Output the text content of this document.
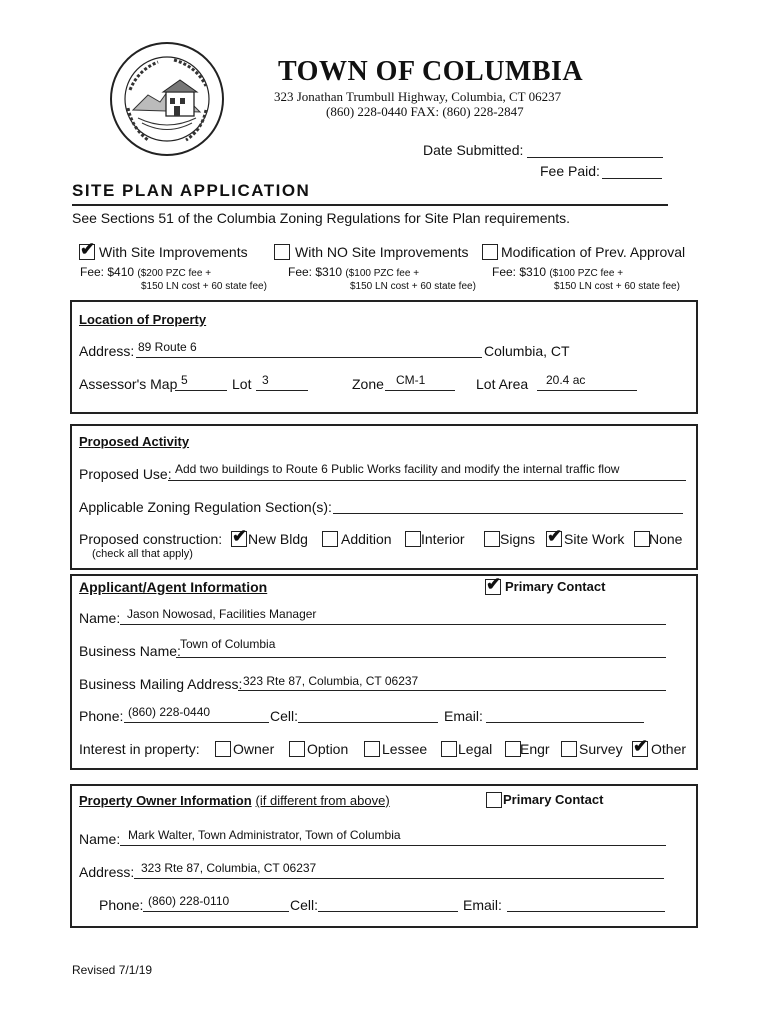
TOWN OF COLUMBIA
323 Jonathan Trumbull Highway, Columbia, CT 06237
(860) 228-0440 FAX: (860) 228-2847
Date Submitted:
Fee Paid:
SITE PLAN APPLICATION
See Sections 51 of the Columbia Zoning Regulations for Site Plan requirements.
✔ With Site Improvements
Fee: $410 ($200 PZC fee +
$150 LN cost + 60 state fee)
With NO Site Improvements
Fee: $310 ($100 PZC fee +
$150 LN cost + 60 state fee)
Modification of Prev. Approval
Fee: $310 ($100 PZC fee +
$150 LN cost + 60 state fee)
Location of Property
Address: 89 Route 6	Columbia, CT
Assessor's Map 5	Lot 3	Zone CM-1	Lot Area 20.4 ac
Proposed Activity
Proposed Use: Add two buildings to Route 6 Public Works facility and modify the internal traffic flow
Applicable Zoning Regulation Section(s):
Proposed construction:
(check all that apply)
✔ New Bldg Addition Interior	Signs ✔ Site Work None
Applicant/Agent Information	✔ Primary Contact
Name: Jason Nowosad, Facilities Manager
Business Name: Town of Columbia
Business Mailing Address: 323 Rte 87, Columbia, CT 06237
Phone: (860) 228-0440	Cell:	Email:
Interest in property: Owner Option Lessee Legal Engr Survey ✔ Other
Property Owner Information (if different from above)	Primary Contact
Name: Mark Walter, Town Administrator, Town of Columbia
Address: 323 Rte 87, Columbia, CT 06237
Phone: (860) 228-0110	Cell:	Email:
Revised 7/1/19
